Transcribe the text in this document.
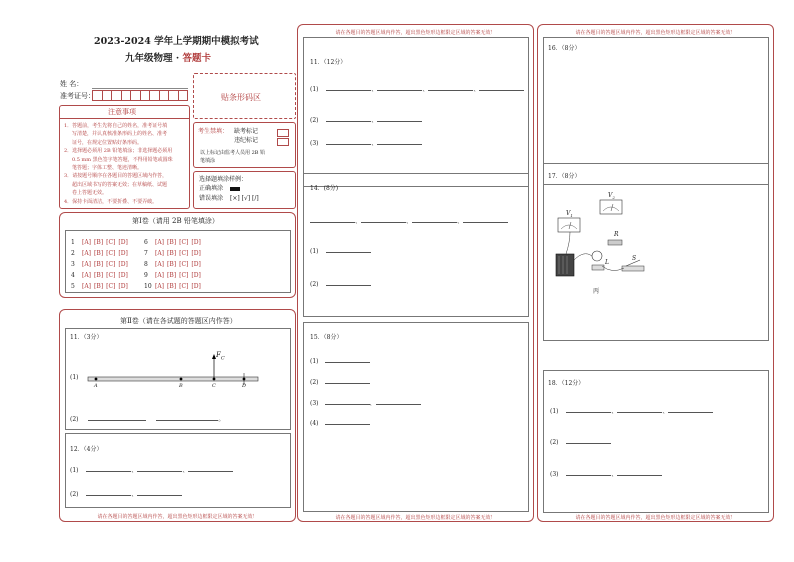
2023-2024 学年上学期期中模拟考试
九年级物理 · 答题卡
姓 名：
准考证号：	贴条形码区
注意事项
1．答题前，考生先将自己的姓名，准考证号填
写清楚，并认真核准条形码上的姓名、准考
证号，在规定位置贴好条形码。
2．选择题必须用 2B 铅笔填涂；非选择题必须用
0.5 mm 黑色签字笔答题，不得用铅笔或圆珠
笔答题；字体工整、笔迹清晰。
3．请按题号顺序在各题目的答题区域内作答，
超出区域书写的答案无效；在草稿纸、试题
卷上答题无效。
4．保持卡面清洁，不要折叠、不要弄破。
考生禁填： 缺考标记
违纪标记
以上标记由监考人员用 2B 铅
笔填涂
选择题填涂样例：
正确填涂
错误填涂 [×] [√] [/]
第Ⅰ卷（请用 2B 铅笔填涂）
1 [A] [B] [C] [D]
2 [A] [B] [C] [D]
3 [A] [B] [C] [D]
4 [A] [B] [C] [D]
5 [A] [B] [C] [D]
6 [A] [B] [C] [D]
7 [A] [B] [C] [D]
8 [A] [B] [C] [D]
9 [A] [B] [C] [D]
10 [A] [B] [C] [D]
第Ⅱ卷（请在各试题的答题区内作答）
11．（3分）
(1)
$F_C$
A	B	C	D
(2)	。
12．（4分）
(1)	、	、
(2)	、
请在各题目的答题区域内作答，超出黑色矩形边框限定区域的答案无效！
请在各题目的答题区域内作答，超出黑色矩形边框限定区域的答案无效！
11．（12分）
(1)	、	、	、
(2)	、
(3)	、
14．(8分)
、	、	、
(1)
(2)
15．（8分）
(1)
(2)
(3)	、
(4)
请在各题目的答题区域内作答，超出黑色矩形边框限定区域的答案无效！
请在各题目的答题区域内作答，超出黑色矩形边框限定区域的答案无效！
16．（8分）
17．（8分）
$V_2$
$V_1$
R
L
S
丙
18．（12分）
(1)	、	、
(2)
(3)	、
请在各题目的答题区域内作答，超出黑色矩形边框限定区域的答案无效！
